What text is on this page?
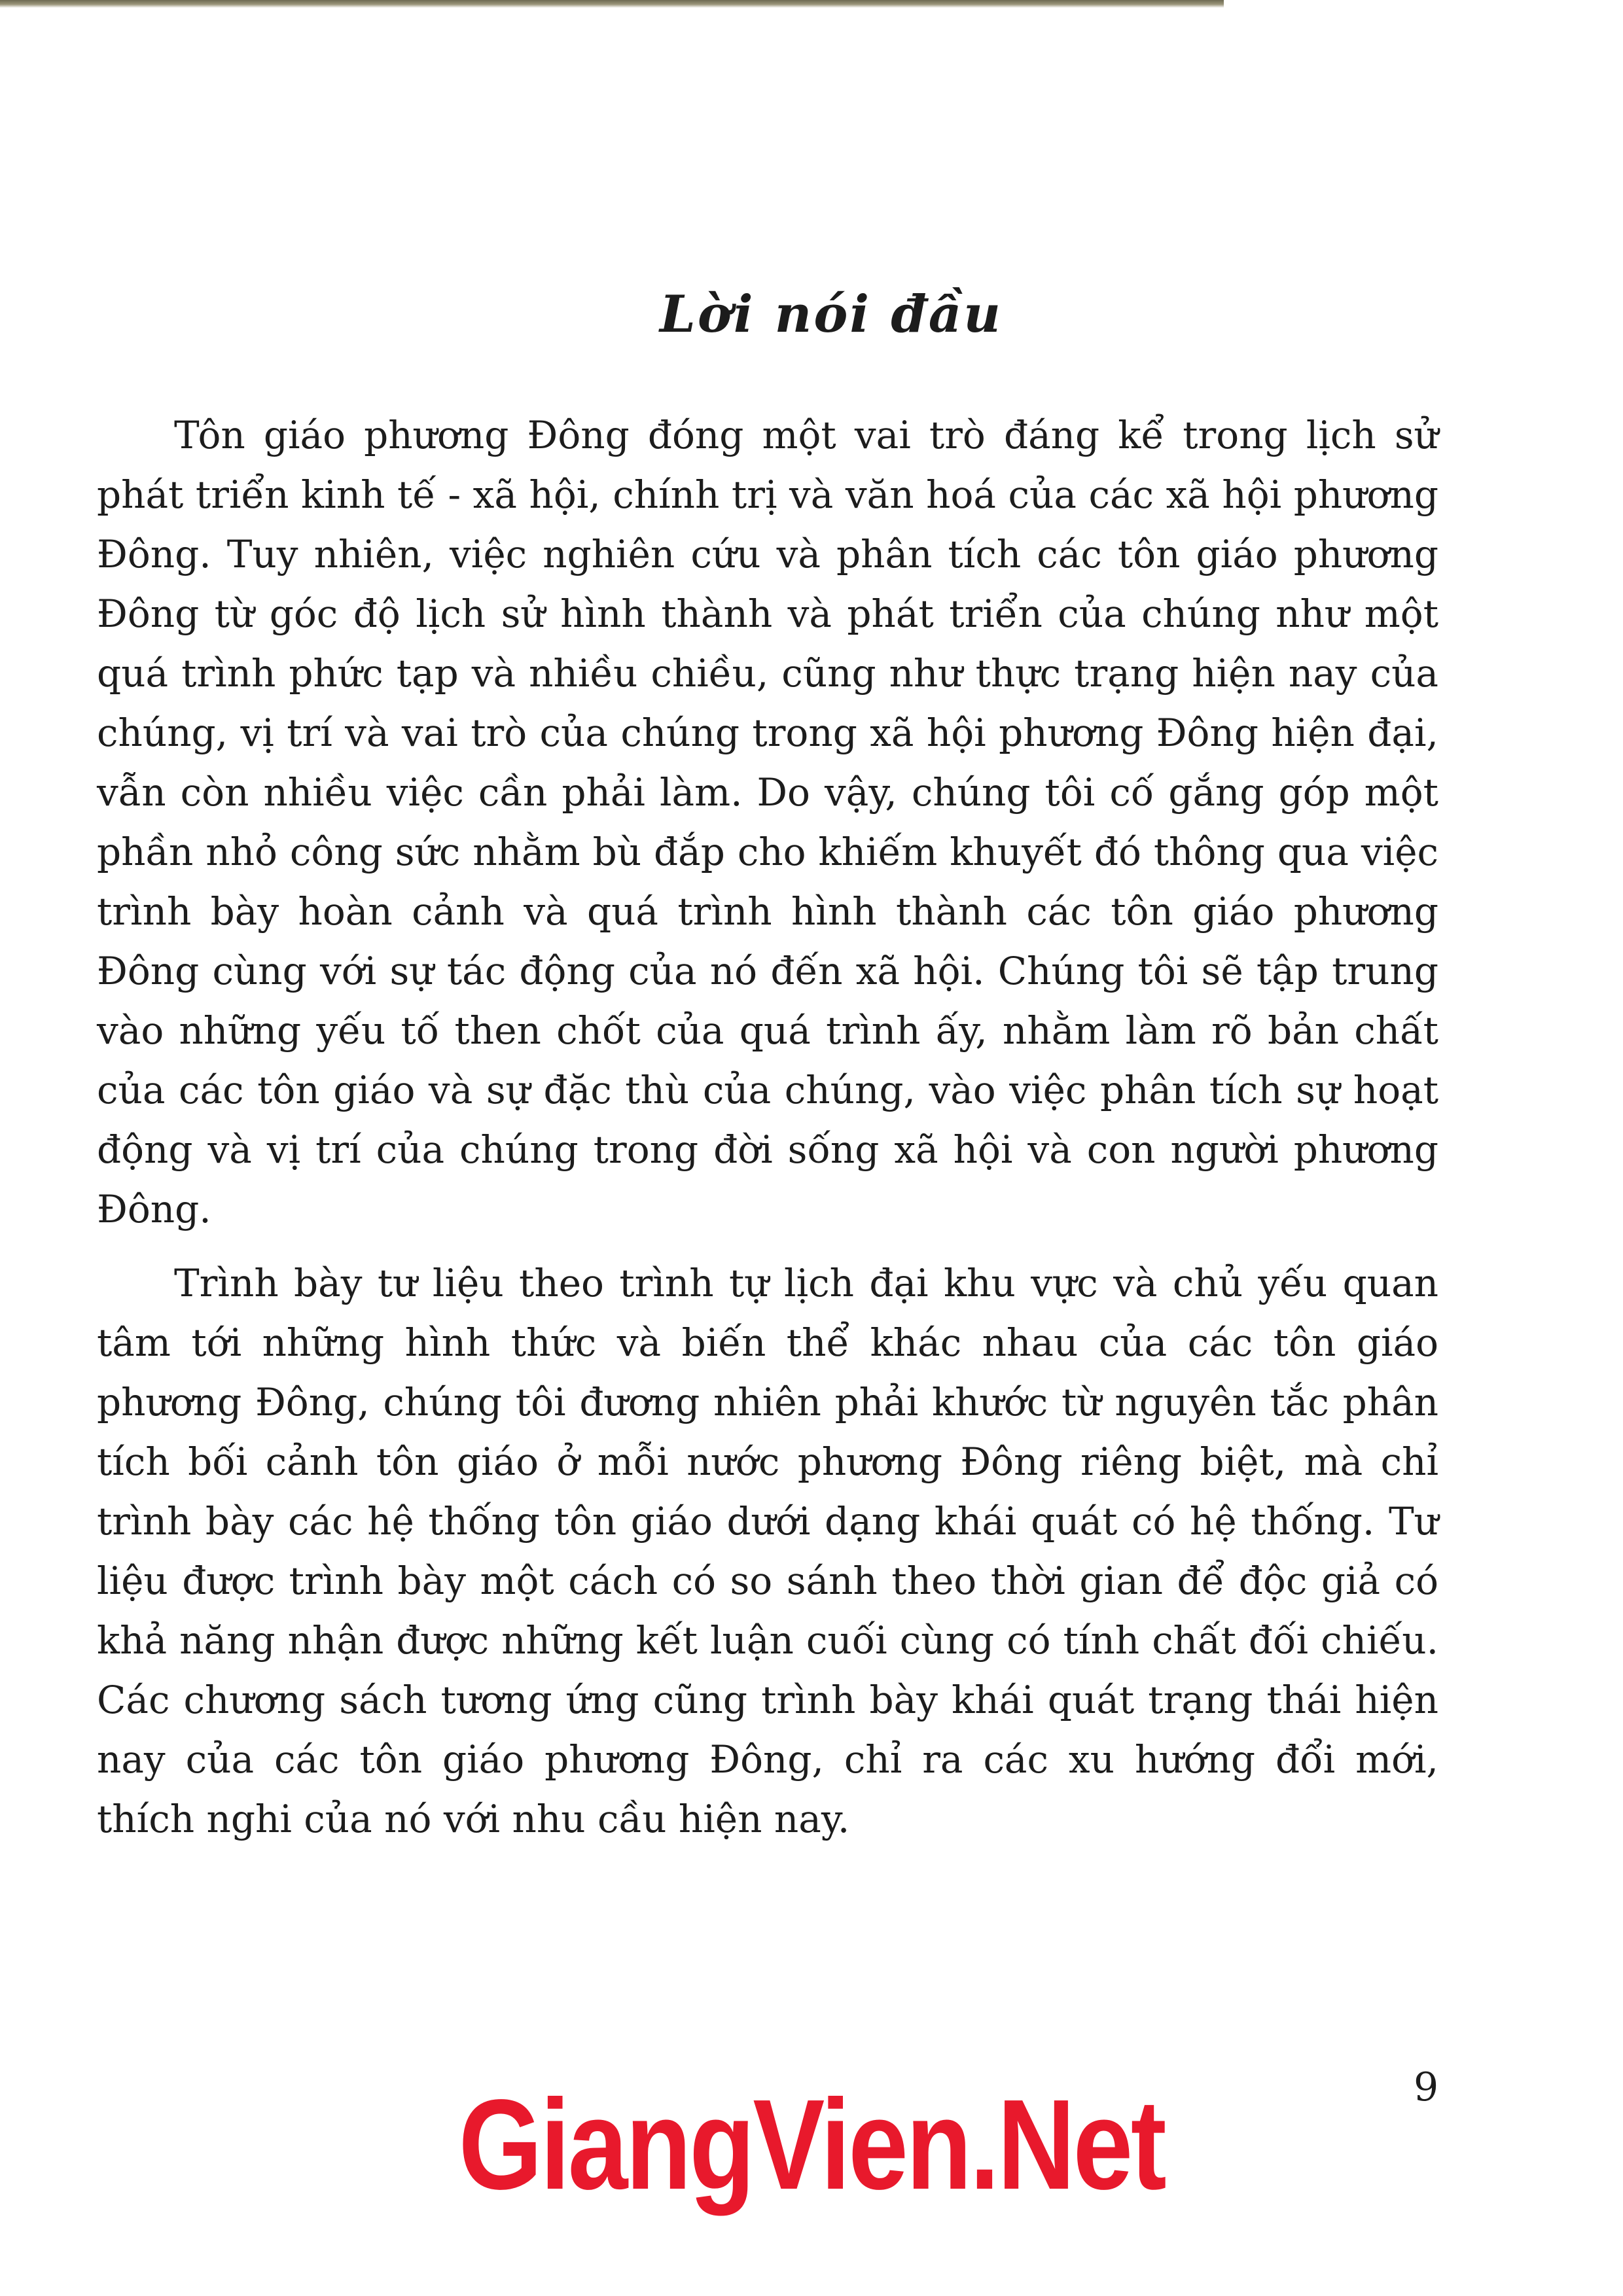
Lời nói đầu

Tôn giáo phương Đông đóng một vai trò đáng kể trong lịch sử phát triển kinh tế - xã hội, chính trị và văn hoá của các xã hội phương Đông. Tuy nhiên, việc nghiên cứu và phân tích các tôn giáo phương Đông từ góc độ lịch sử hình thành và phát triển của chúng như một quá trình phức tạp và nhiều chiều, cũng như thực trạng hiện nay của chúng, vị trí và vai trò của chúng trong xã hội phương Đông hiện đại, vẫn còn nhiều việc cần phải làm. Do vậy, chúng tôi cố gắng góp một phần nhỏ công sức nhằm bù đắp cho khiếm khuyết đó thông qua việc trình bày hoàn cảnh và quá trình hình thành các tôn giáo phương Đông cùng với sự tác động của nó đến xã hội. Chúng tôi sẽ tập trung vào những yếu tố then chốt của quá trình ấy, nhằm làm rõ bản chất của các tôn giáo và sự đặc thù của chúng, vào việc phân tích sự hoạt động và vị trí của chúng trong đời sống xã hội và con người phương Đông.

Trình bày tư liệu theo trình tự lịch đại khu vực và chủ yếu quan tâm tới những hình thức và biến thể khác nhau của các tôn giáo phương Đông, chúng tôi đương nhiên phải khước từ nguyên tắc phân tích bối cảnh tôn giáo ở mỗi nước phương Đông riêng biệt, mà chỉ trình bày các hệ thống tôn giáo dưới dạng khái quát có hệ thống. Tư liệu được trình bày một cách có so sánh theo thời gian để độc giả có khả năng nhận được những kết luận cuối cùng có tính chất đối chiếu. Các chương sách tương ứng cũng trình bày khái quát trạng thái hiện nay của các tôn giáo phương Đông, chỉ ra các xu hướng đổi mới, thích nghi của nó với nhu cầu hiện nay.

9
GiangVien.Net
